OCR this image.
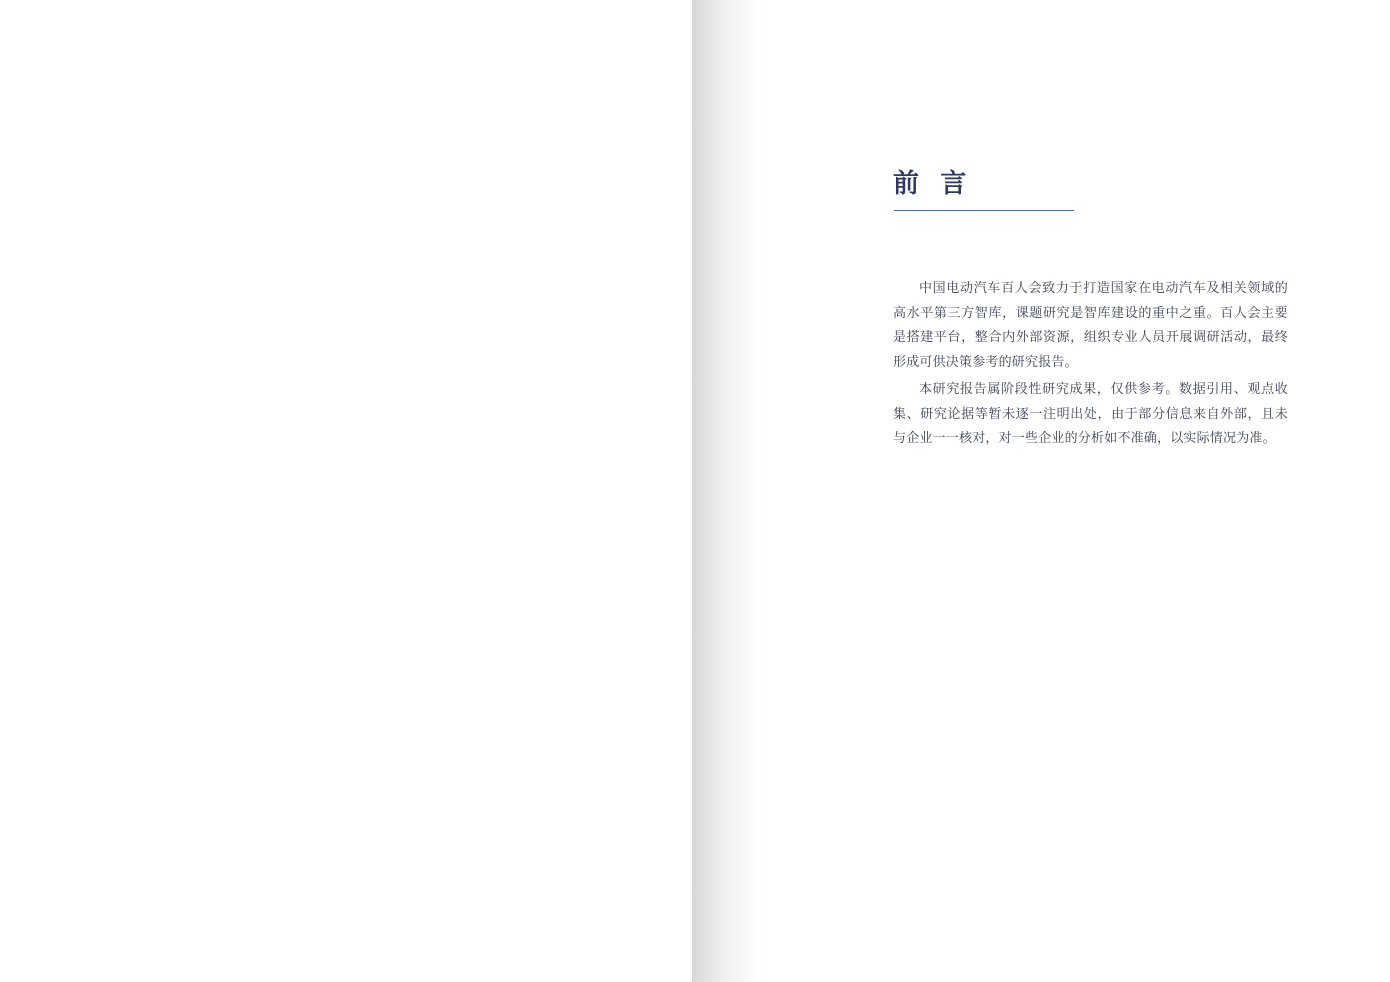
前 言

中国电动汽车百人会致力于打造国家在电动汽车及相关领域的高水平第三方智库，课题研究是智库建设的重中之重。百人会主要是搭建平台，整合内外部资源，组织专业人员开展调研活动，最终形成可供决策参考的研究报告。

本研究报告属阶段性研究成果，仅供参考。数据引用、观点收集、研究论据等暂未逐一注明出处，由于部分信息来自外部，且未与企业一一核对，对一些企业的分析如不准确，以实际情况为准。
